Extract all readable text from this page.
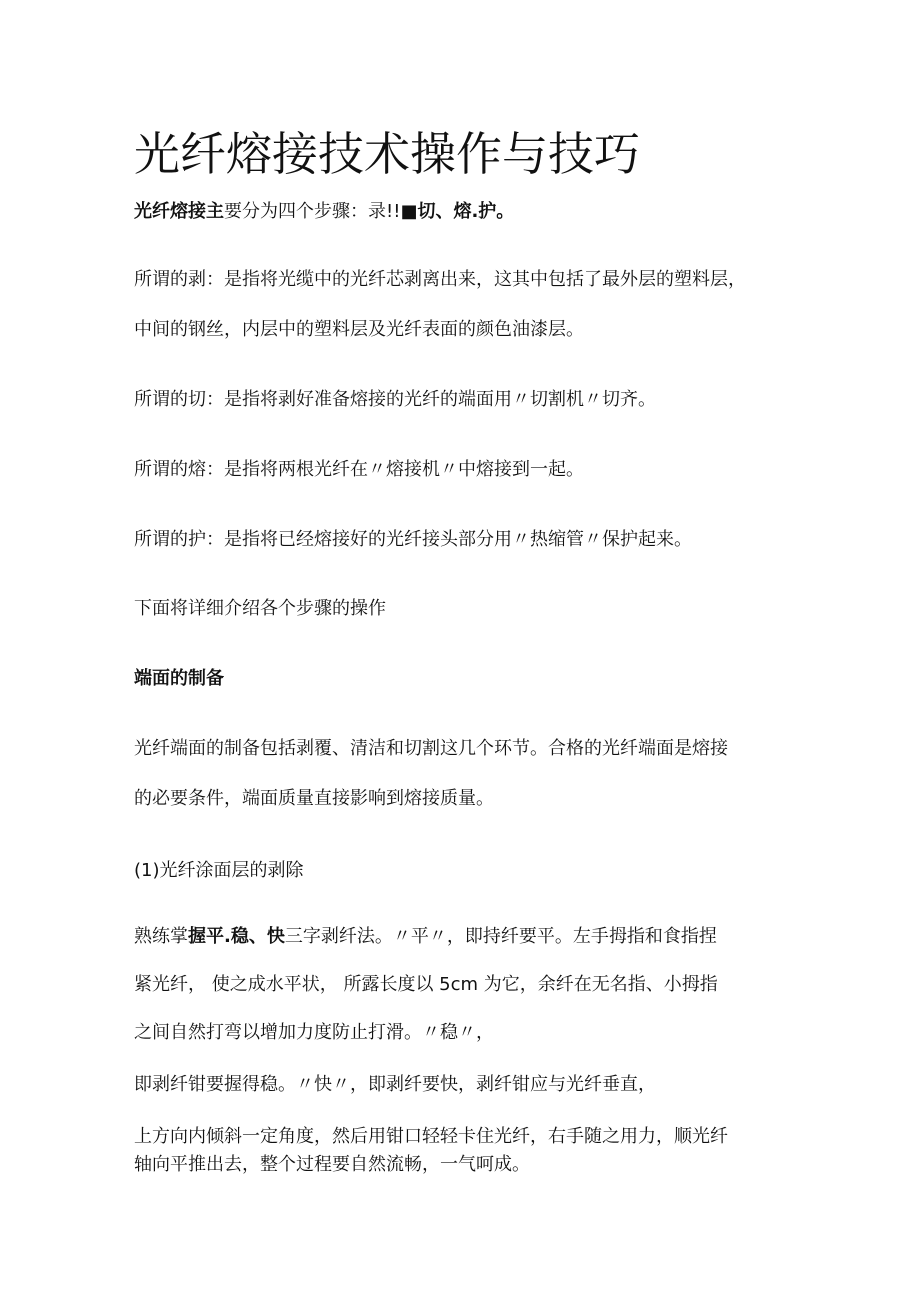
光纤熔接技术操作与技巧
光纤熔接主要分为四个步骤：录!!■切、熔.护。
所谓的剥：是指将光缆中的光纤芯剥离出来，这其中包括了最外层的塑料层，
中间的钢丝，内层中的塑料层及光纤表面的颜色油漆层。
所谓的切：是指将剥好准备熔接的光纤的端面用〃切割机〃切齐。
所谓的熔：是指将两根光纤在〃熔接机〃中熔接到一起。
所谓的护：是指将已经熔接好的光纤接头部分用〃热缩管〃保护起来。
下面将详细介绍各个步骤的操作
端面的制备
光纤端面的制备包括剥覆、清洁和切割这几个环节。合格的光纤端面是熔接
的必要条件，端面质量直接影响到熔接质量。
(1)光纤涂面层的剥除
熟练掌握平.稳、快三字剥纤法。〃平〃，即持纤要平。左手拇指和食指捏
紧光纤， 使之成水平状， 所露长度以 5cm 为它，余纤在无名指、小拇指
之间自然打弯以增加力度防止打滑。〃稳〃，
即剥纤钳要握得稳。〃快〃，即剥纤要快，剥纤钳应与光纤垂直，
上方向内倾斜一定角度，然后用钳口轻轻卡住光纤，右手随之用力，顺光纤
轴向平推出去，整个过程要自然流畅，一气呵成。
